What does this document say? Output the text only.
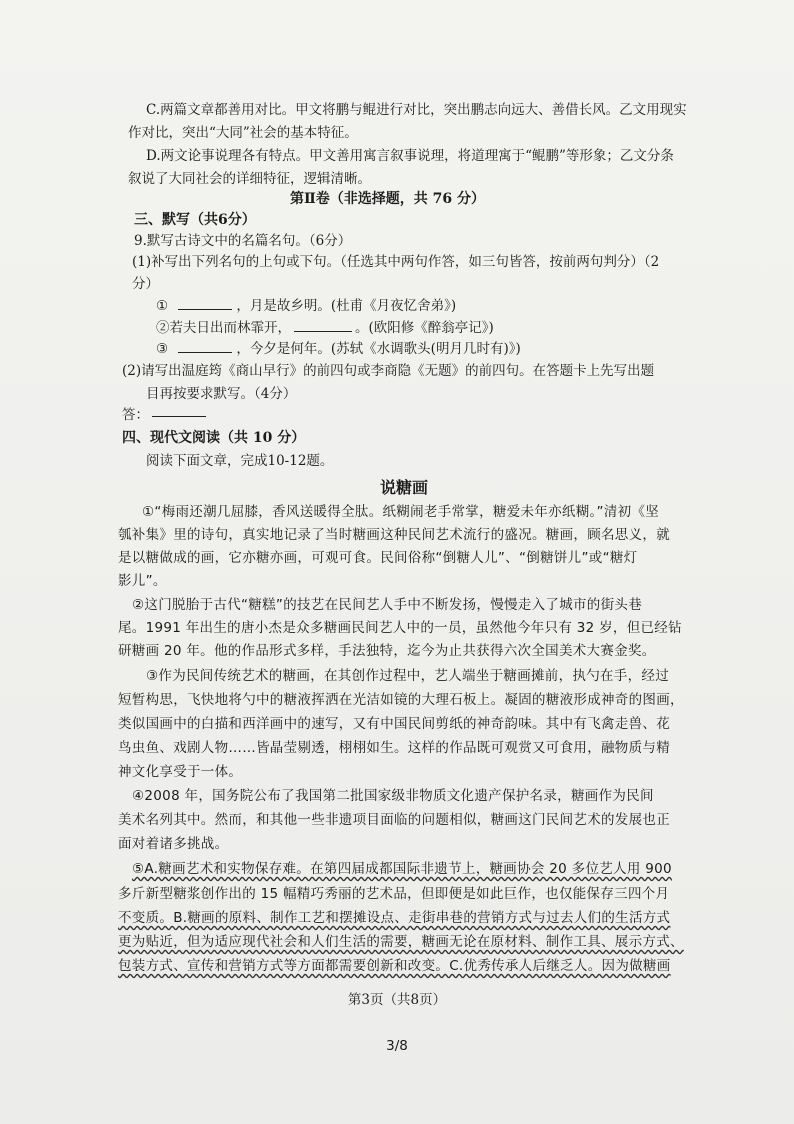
C.两篇文章都善用对比。甲文将鹏与鲲进行对比，突出鹏志向远大、善借长风。乙文用现实

作对比，突出“大同”社会的基本特征。

D.两文论事说理各有特点。甲文善用寓言叙事说理，将道理寓于“鲲鹏”等形象；乙文分条

叙说了大同社会的详细特征，逻辑清晰。

第Ⅱ卷（非选择题，共 76 分）

三、默写（共6分）

9.默写古诗文中的名篇名句。（6分）

(1)补写出下列名句的上句或下句。（任选其中两句作答，如三句皆答，按前两句判分）（2

分）

①	，月是故乡明。(杜甫《月夜忆舍弟》)

②若夫日出而林霏开，	。(欧阳修《醉翁亭记》)

③	，今夕是何年。(苏轼《水调歌头(明月几时有)》)

(2)请写出温庭筠《商山早行》的前四句或李商隐《无题》的前四句。在答题卡上先写出题

目再按要求默写。（4分）

答：

四、现代文阅读（共 10 分）

阅读下面文章，完成10-12题。

说糖画

①“梅雨还潮几屈膝，香风送暖得全肽。纸糊闹老手常掌，糖爱未年亦纸糊。”清初《坚

瓠补集》里的诗句，真实地记录了当时糖画这种民间艺术流行的盛况。糖画，顾名思义，就

是以糖做成的画，它亦糖亦画，可观可食。民间俗称“倒糖人儿”、“倒糖饼儿”或“糖灯

影儿”。

②这门脱胎于古代“糖糕”的技艺在民间艺人手中不断发扬，慢慢走入了城市的街头巷

尾。1991 年出生的唐小杰是众多糖画民间艺人中的一员，虽然他今年只有 32 岁，但已经钻

研糖画 20 年。他的作品形式多样，手法独特，迄今为止共获得六次全国美术大赛金奖。

③作为民间传统艺术的糖画，在其创作过程中，艺人端坐于糖画摊前，执勺在手，经过

短暂构思，飞快地将勺中的糖液挥洒在光洁如镜的大理石板上。凝固的糖液形成神奇的图画，

类似国画中的白描和西洋画中的速写，又有中国民间剪纸的神奇韵味。其中有飞禽走兽、花

鸟虫鱼、戏剧人物……皆晶莹剔透，栩栩如生。这样的作品既可观赏又可食用，融物质与精

神文化享受于一体。

④2008 年，国务院公布了我国第二批国家级非物质文化遗产保护名录，糖画作为民间

美术名列其中。然而，和其他一些非遗项目面临的问题相似，糖画这门民间艺术的发展也正

面对着诸多挑战。

⑤A.糖画艺术和实物保存难。在第四届成都国际非遗节上，糖画协会 20 多位艺人用 900

多斤新型糖浆创作出的 15 幅精巧秀丽的艺术品，但即便是如此巨作，也仅能保存三四个月

不变质。B.糖画的原料、制作工艺和摆摊设点、走街串巷的营销方式与过去人们的生活方式

更为贴近，但为适应现代社会和人们生活的需要，糖画无论在原材料、制作工具、展示方式、

包装方式、宣传和营销方式等方面都需要创新和改变。C.优秀传承人后继乏人。因为做糖画

第3页（共8页）

3/8
